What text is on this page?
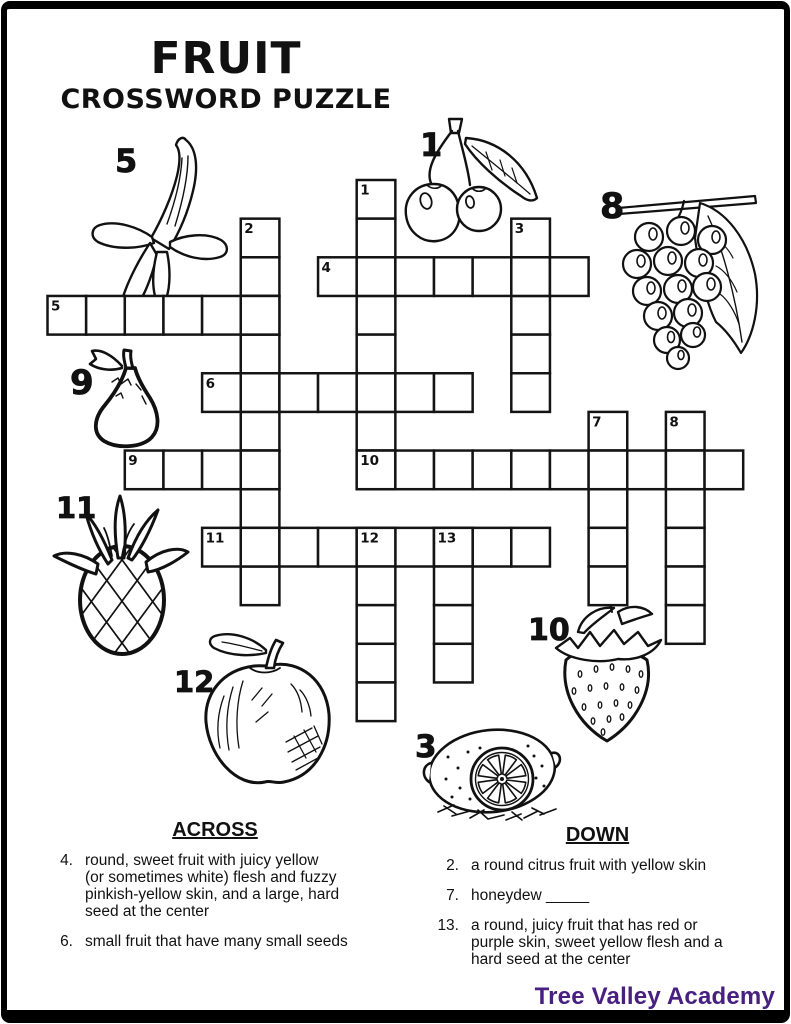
FRUIT
CROSSWORD PUZZLE
1
2	3
4
5
6
7	8
9	10
11	12	13
5	1
8
9
11
12
10
3
ACROSS
4. round, sweet fruit with juicy yellow
(or sometimes white) flesh and fuzzy
pinkish-yellow skin, and a large, hard
seed at the center
6. small fruit that have many small seeds
DOWN
2. a round citrus fruit with yellow skin
7. honeydew _____
13. a round, juicy fruit that has red or
purple skin, sweet yellow flesh and a
hard seed at the center
Tree Valley Academy
